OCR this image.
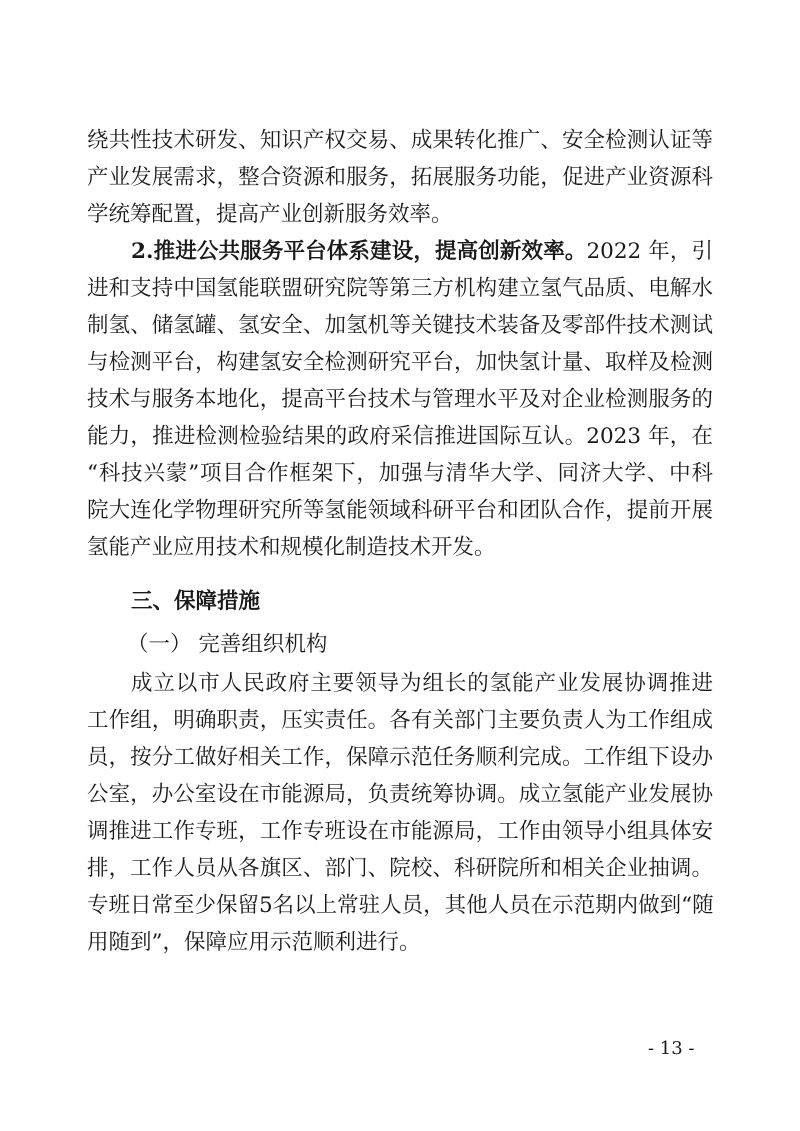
绕共性技术研发、知识产权交易、成果转化推广、安全检测认证等
产业发展需求，整合资源和服务，拓展服务功能，促进产业资源科
学统筹配置，提高产业创新服务效率。
2.推进公共服务平台体系建设，提高创新效率。2022 年，引
进和支持中国氢能联盟研究院等第三方机构建立氢气品质、电解水
制氢、储氢罐、氢安全、加氢机等关键技术装备及零部件技术测试
与检测平台，构建氢安全检测研究平台，加快氢计量、取样及检测
技术与服务本地化，提高平台技术与管理水平及对企业检测服务的
能力，推进检测检验结果的政府采信推进国际互认。2023 年，在
“科技兴蒙”项目合作框架下，加强与清华大学、同济大学、中科
院大连化学物理研究所等氢能领域科研平台和团队合作，提前开展
氢能产业应用技术和规模化制造技术开发。
三、保障措施
（一） 完善组织机构
成立以市人民政府主要领导为组长的氢能产业发展协调推进
工作组，明确职责，压实责任。各有关部门主要负责人为工作组成
员，按分工做好相关工作，保障示范任务顺利完成。工作组下设办
公室，办公室设在市能源局，负责统筹协调。成立氢能产业发展协
调推进工作专班，工作专班设在市能源局，工作由领导小组具体安
排，工作人员从各旗区、部门、院校、科研院所和相关企业抽调。
专班日常至少保留5名以上常驻人员，其他人员在示范期内做到“随
用随到”，保障应用示范顺利进行。
- 13 -
